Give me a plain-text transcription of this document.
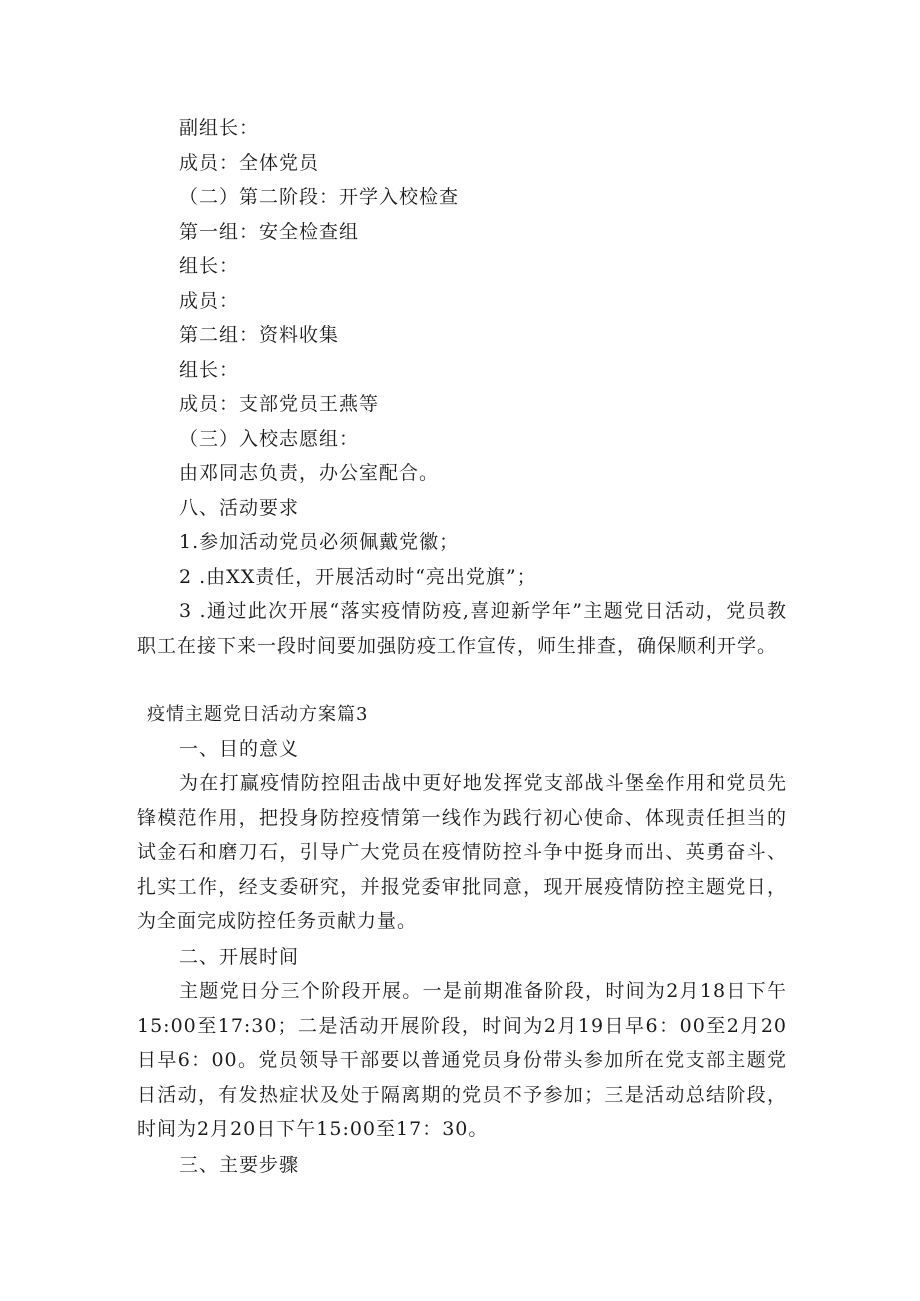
副组长：
成员：全体党员
（二）第二阶段：开学入校检查
第一组：安全检查组
组长：
成员：
第二组：资料收集
组长：
成员：支部党员王燕等
（三）入校志愿组：
由邓同志负责，办公室配合。
八、活动要求
1.参加活动党员必须佩戴党徽；
2 .由XX责任，开展活动时“亮出党旗”；
3 .通过此次开展“落实疫情防疫,喜迎新学年”主题党日活动，党员教职工在接下来一段时间要加强防疫工作宣传，师生排查，确保顺利开学。
疫情主题党日活动方案篇3
一、目的意义
为在打赢疫情防控阻击战中更好地发挥党支部战斗堡垒作用和党员先锋模范作用，把投身防控疫情第一线作为践行初心使命、体现责任担当的试金石和磨刀石，引导广大党员在疫情防控斗争中挺身而出、英勇奋斗、扎实工作，经支委研究，并报党委审批同意，现开展疫情防控主题党日，为全面完成防控任务贡献力量。
二、开展时间
主题党日分三个阶段开展。一是前期准备阶段，时间为2月18日下午15:00至17:30；二是活动开展阶段，时间为2月19日早6：00至2月20日早6：00。党员领导干部要以普通党员身份带头参加所在党支部主题党日活动，有发热症状及处于隔离期的党员不予参加；三是活动总结阶段，时间为2月20日下午15:00至17：30。
三、主要步骤
